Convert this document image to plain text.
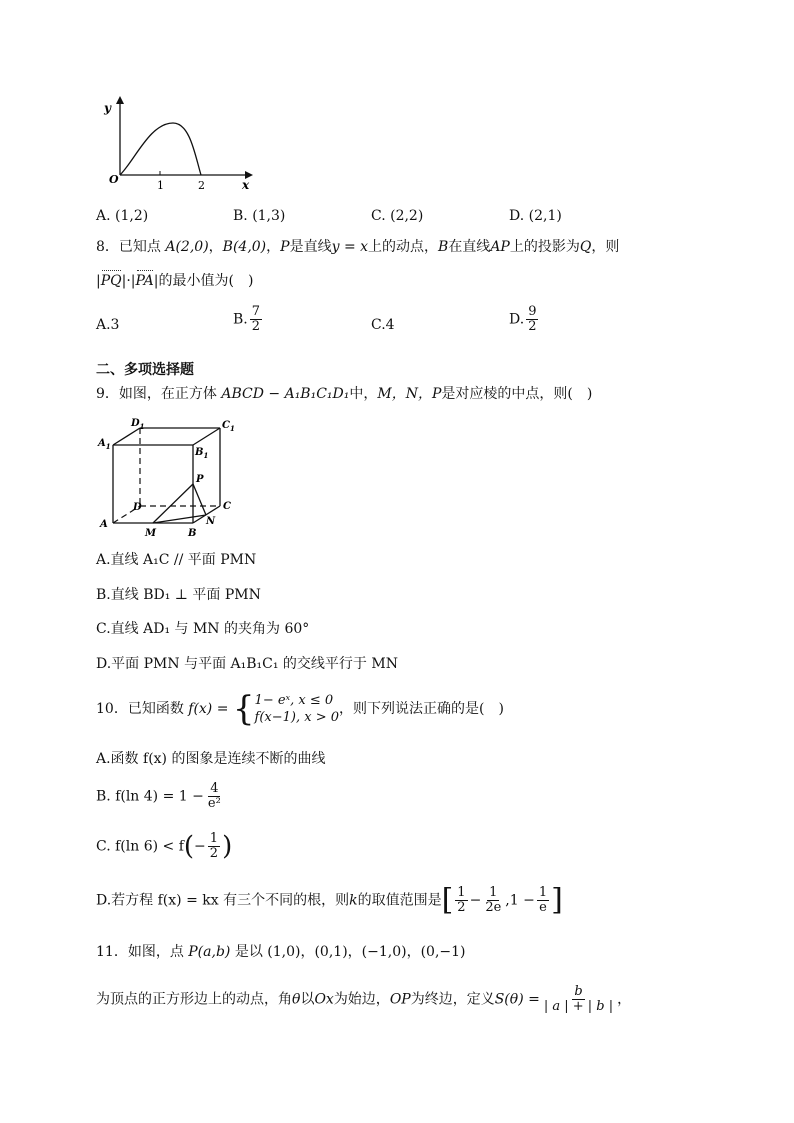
y
x
O	1	2
A. (1,2)	B. (1,3)	C. (2,2)	D. (2,1)
8．已知点 A(2,0)，B(4,0)，P是直线y = x上的动点，B在直线AP上的投影为Q，则
|PQ|·|PA|的最小值为(　)
A.3	B. $\frac{7}{2}$	C.4	D. $\frac{9}{2}$
二、多项选择题
9．如图，在正方体 ABCD − A₁B₁C₁D₁中，M，N，P是对应棱的中点，则(　)
$D_1$	$C_1$
$A_1$
$B_1$
P
D	C
A
M	B
N
A.直线 A₁C // 平面 PMN
B.直线 BD₁ ⊥ 平面 PMN
C.直线 AD₁ 与 MN 的夹角为 60°
D.平面 PMN 与平面 A₁B₁C₁ 的交线平行于 MN
10．已知函数 f(x) = { 1− eˣ, x ≤ 0
f(x−1), x > 0
，则下列说法正确的是(　)
A.函数 f(x) 的图象是连续不断的曲线
B. f(ln $4) = 1 - \frac{4}{\text{e²}}$
C. f(ln $6) < f(- \frac{1}{2}$ )
D.若方程 f(x) = kx 有三个不同的根，则k的取值范围是[ $\frac{1}{2} - \frac{1}{2e} ,1 - \frac{1}{e}$ ]
11．如图，点 P(a,b) 是以 (1,0)，(0,1)，(−1,0)，(0,−1)
为顶点的正方形边上的动点，角θ以Ox为始边，OP为终边，定义$S(\theta) = \frac{b}{| a | + | b |}$ ，
